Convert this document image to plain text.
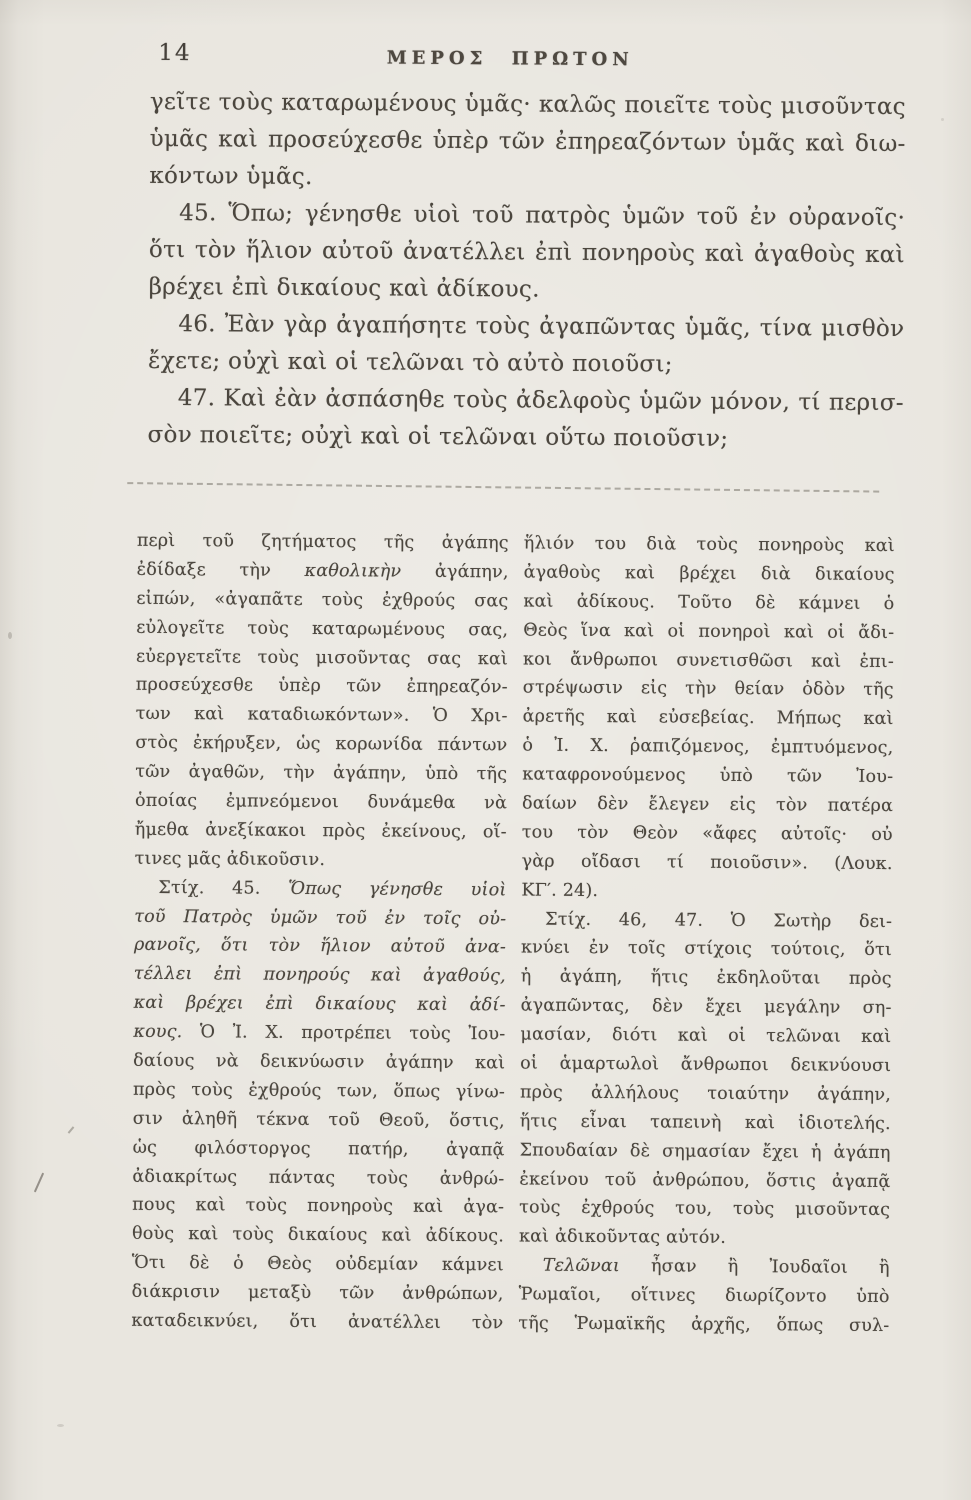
14	ΜΕΡΟΣ ΠΡΩΤΟΝ
γεῖτε τοὺς καταρωμένους ὑμᾶς· καλῶς ποιεῖτε τοὺς μισοῦντας
ὑμᾶς καὶ προσεύχεσθε ὑπὲρ τῶν ἐπηρεαζόντων ὑμᾶς καὶ διω-
κόντων ὑμᾶς.
45. Ὅπω; γένησθε υἱοὶ τοῦ πατρὸς ὑμῶν τοῦ ἐν οὐρανοῖς·
ὅτι τὸν ἥλιον αὐτοῦ ἀνατέλλει ἐπὶ πονηροὺς καὶ ἀγαθοὺς καὶ
βρέχει ἐπὶ δικαίους καὶ ἀδίκους.
46. Ἐὰν γὰρ ἀγαπήσητε τοὺς ἀγαπῶντας ὑμᾶς, τίνα μισθὸν
ἔχετε; οὐχὶ καὶ οἱ τελῶναι τὸ αὐτὸ ποιοῦσι;
47. Καὶ ἐὰν ἀσπάσηθε τοὺς ἀδελφοὺς ὑμῶν μόνον, τί περισ-
σὸν ποιεῖτε; οὐχὶ καὶ οἱ τελῶναι οὕτω ποιοῦσιν;
περὶ τοῦ ζητήματος τῆς ἀγάπης
ἐδίδαξε τὴν καθολικὴν ἀγάπην,
εἰπών, «ἀγαπᾶτε τοὺς ἐχθρούς σας
εὐλογεῖτε τοὺς καταρωμένους σας,
εὐεργετεῖτε τοὺς μισοῦντας σας καὶ
προσεύχεσθε ὑπὲρ τῶν ἐπηρεαζόν-
των καὶ καταδιωκόντων». Ὁ Χρι-
στὸς ἐκήρυξεν, ὡς κορωνίδα πάντων
τῶν ἀγαθῶν, τὴν ἀγάπην, ὑπὸ τῆς
ὁποίας ἐμπνεόμενοι δυνάμεθα νὰ
ἤμεθα ἀνεξίκακοι πρὸς ἐκείνους, οἵ-
τινες μᾶς ἀδικοῦσιν.
Στίχ. 45. Ὅπως γένησθε υἱοὶ
τοῦ Πατρὸς ὑμῶν τοῦ ἐν τοῖς οὐ-
ρανοῖς, ὅτι τὸν ἥλιον αὐτοῦ ἀνα-
τέλλει ἐπὶ πονηρούς καὶ ἀγαθούς,
καὶ βρέχει ἐπὶ δικαίους καὶ ἀδί-
κους. Ὁ Ἰ. Χ. προτρέπει τοὺς Ἰου-
δαίους νὰ δεικνύωσιν ἀγάπην καὶ
πρὸς τοὺς ἐχθρούς των, ὅπως γίνω-
σιν ἀληθῆ τέκνα τοῦ Θεοῦ, ὅστις,
ὡς φιλόστοργος πατήρ, ἀγαπᾷ
ἀδιακρίτως πάντας τοὺς ἀνθρώ-
πους καὶ τοὺς πονηροὺς καὶ ἀγα-
θοὺς καὶ τοὺς δικαίους καὶ ἀδίκους.
Ὅτι δὲ ὁ Θεὸς οὐδεμίαν κάμνει
διάκρισιν μεταξὺ τῶν ἀνθρώπων,
καταδεικνύει, ὅτι ἀνατέλλει τὸν
ἥλιόν του διὰ τοὺς πονηροὺς καὶ
ἀγαθοὺς καὶ βρέχει διὰ δικαίους
καὶ ἀδίκους. Τοῦτο δὲ κάμνει ὁ
Θεὸς ἵνα καὶ οἱ πονηροὶ καὶ οἱ ἄδι-
κοι ἄνθρωποι συνετισθῶσι καὶ ἐπι-
στρέψωσιν εἰς τὴν θείαν ὁδὸν τῆς
ἀρετῆς καὶ εὐσεβείας. Μήπως καὶ
ὁ Ἰ. Χ. ῥαπιζόμενος, ἐμπτυόμενος,
καταφρονούμενος ὑπὸ τῶν Ἰου-
δαίων δὲν ἔλεγεν εἰς τὸν πατέρα
του τὸν Θεὸν «ἄφες αὐτοῖς· οὐ
γὰρ οἴδασι τί ποιοῦσιν». (Λουκ.
ΚΓ′. 24).
Στίχ. 46, 47. Ὁ Σωτὴρ δει-
κνύει ἐν τοῖς στίχοις τούτοις, ὅτι
ἡ ἀγάπη, ἥτις ἐκδηλοῦται πρὸς
ἀγαπῶντας, δὲν ἔχει μεγάλην ση-
μασίαν, διότι καὶ οἱ τελῶναι καὶ
οἱ ἁμαρτωλοὶ ἄνθρωποι δεικνύουσι
πρὸς ἀλλήλους τοιαύτην ἀγάπην,
ἥτις εἶναι ταπεινὴ καὶ ἰδιοτελής.
Σπουδαίαν δὲ σημασίαν ἔχει ἡ ἀγάπη
ἐκείνου τοῦ ἀνθρώπου, ὅστις ἀγαπᾷ
τοὺς ἐχθρούς του, τοὺς μισοῦντας
καὶ ἀδικοῦντας αὐτόν.
Τελῶναι ἦσαν ἢ Ἰουδαῖοι ἢ
Ῥωμαῖοι, οἵτινες διωρίζοντο ὑπὸ
τῆς Ῥωμαϊκῆς ἀρχῆς, ὅπως συλ-
